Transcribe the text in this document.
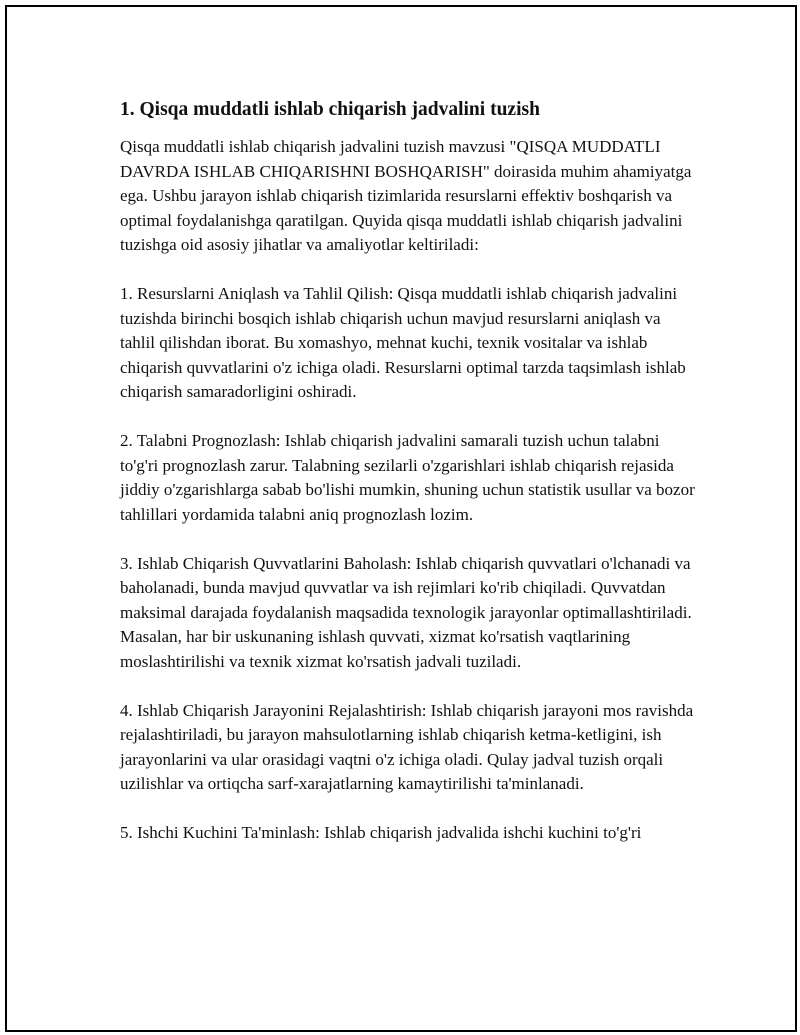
1. Qisqa muddatli ishlab chiqarish jadvalini tuzish

Qisqa muddatli ishlab chiqarish jadvalini tuzish mavzusi "QISQA MUDDATLI DAVRDA ISHLAB CHIQARISHNI BOSHQARISH" doirasida muhim ahamiyatga ega. Ushbu jarayon ishlab chiqarish tizimlarida resurslarni effektiv boshqarish va optimal foydalanishga qaratilgan. Quyida qisqa muddatli ishlab chiqarish jadvalini tuzishga oid asosiy jihatlar va amaliyotlar keltiriladi:

1. Resurslarni Aniqlash va Tahlil Qilish: Qisqa muddatli ishlab chiqarish jadvalini tuzishda birinchi bosqich ishlab chiqarish uchun mavjud resurslarni aniqlash va tahlil qilishdan iborat. Bu xomashyo, mehnat kuchi, texnik vositalar va ishlab chiqarish quvvatlarini o'z ichiga oladi. Resurslarni optimal tarzda taqsimlash ishlab chiqarish samaradorligini oshiradi.

2. Talabni Prognozlash: Ishlab chiqarish jadvalini samarali tuzish uchun talabni to'g'ri prognozlash zarur. Talabning sezilarli o'zgarishlari ishlab chiqarish rejasida jiddiy o'zgarishlarga sabab bo'lishi mumkin, shuning uchun statistik usullar va bozor tahlillari yordamida talabni aniq prognozlash lozim.

3. Ishlab Chiqarish Quvvatlarini Baholash: Ishlab chiqarish quvvatlari o'lchanadi va baholanadi, bunda mavjud quvvatlar va ish rejimlari ko'rib chiqiladi. Quvvatdan maksimal darajada foydalanish maqsadida texnologik jarayonlar optimallashtiriladi. Masalan, har bir uskunaning ishlash quvvati, xizmat ko'rsatish vaqtlarining moslashtirilishi va texnik xizmat ko'rsatish jadvali tuziladi.

4. Ishlab Chiqarish Jarayonini Rejalashtirish: Ishlab chiqarish jarayoni mos ravishda rejalashtiriladi, bu jarayon mahsulotlarning ishlab chiqarish ketma-ketligini, ish jarayonlarini va ular orasidagi vaqtni o'z ichiga oladi. Qulay jadval tuzish orqali uzilishlar va ortiqcha sarf-xarajatlarning kamaytirilishi ta'minlanadi.

5. Ishchi Kuchini Ta'minlash: Ishlab chiqarish jadvalida ishchi kuchini to'g'ri
